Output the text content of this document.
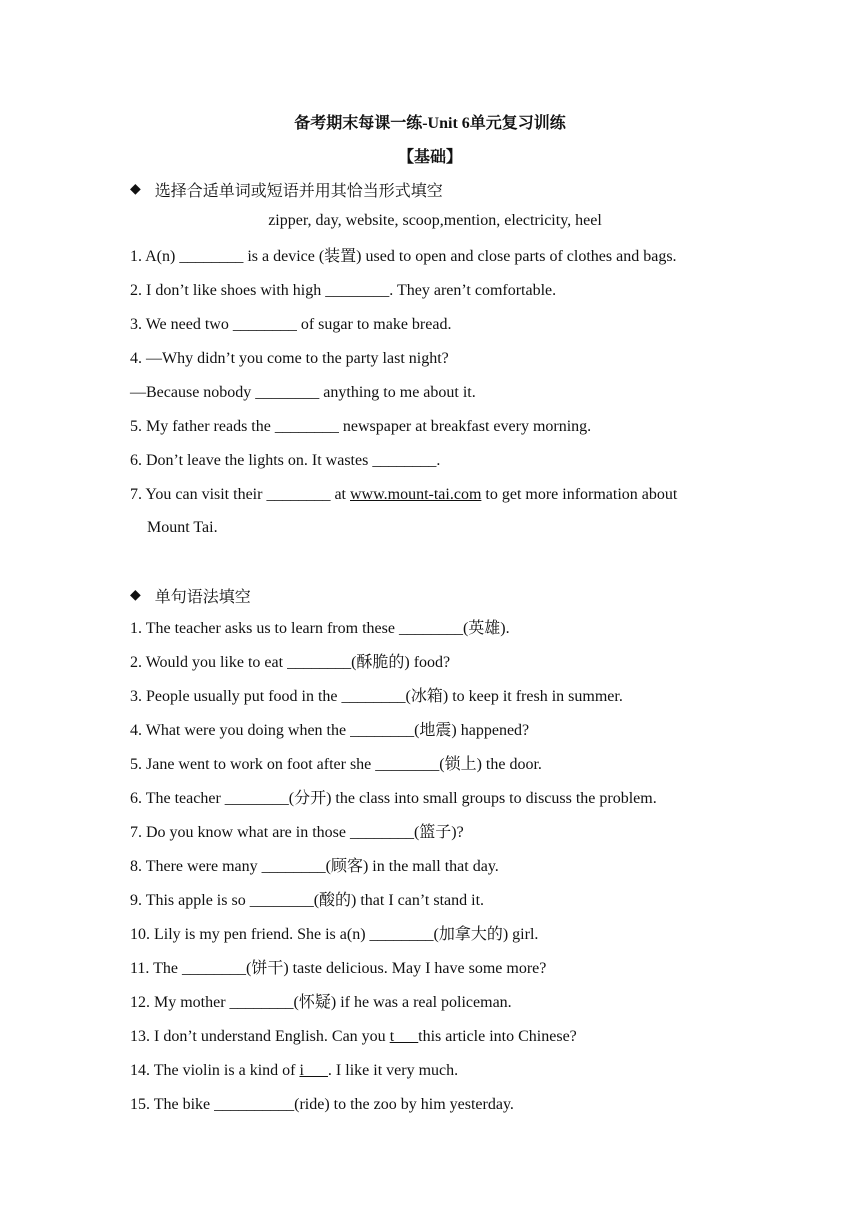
备考期末每课一练-Unit 6单元复习训练
【基础】
◆ 选择合适单词或短语并用其恰当形式填空
zipper, day, website, scoop,mention, electricity, heel
1. A(n) ________ is a device (装置) used to open and close parts of clothes and bags.
2. I don’t like shoes with high ________. They aren’t comfortable.
3. We need two ________ of sugar to make bread.
4. —Why didn’t you come to the party last night?
—Because nobody ________ anything to me about it.
5. My father reads the ________ newspaper at breakfast every morning.
6. Don’t leave the lights on. It wastes ________.
7. You can visit their ________ at www.mount-tai.com to get more information about
Mount Tai.
◆ 单句语法填空
1. The teacher asks us to learn from these ________(英雄).
2. Would you like to eat ________(酥脆的) food?
3. People usually put food in the ________(冰箱) to keep it fresh in summer.
4. What were you doing when the ________(地震) happened?
5. Jane went to work on foot after she ________(锁上) the door.
6. The teacher ________(分开) the class into small groups to discuss the problem.
7. Do you know what are in those ________(篮子)?
8. There were many ________(顾客) in the mall that day.
9. This apple is so ________(酸的) that I can’t stand it.
10. Lily is my pen friend. She is a(n) ________(加拿大的) girl.
11. The ________(饼干) taste delicious. May I have some more?
12. My mother ________(怀疑) if he was a real policeman.
13. I don’t understand English. Can you t___this article into Chinese?
14. The violin is a kind of i___. I like it very much.
15. The bike __________(ride) to the zoo by him yesterday.
